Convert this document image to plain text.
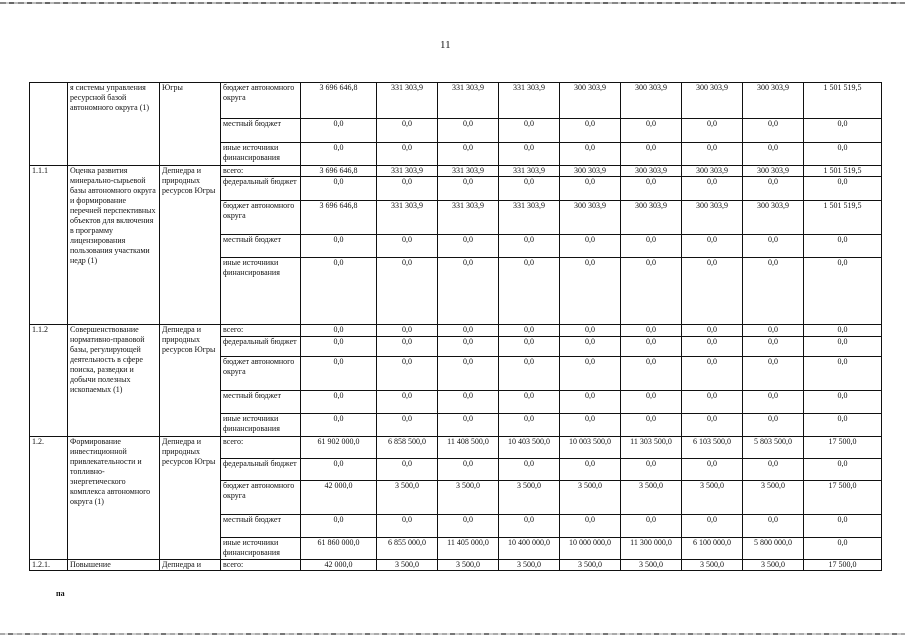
11
	я системы управления ресурсной базой автономного округа (1)	Югры	бюджет автономного округа	3 696 646,8	331 303,9	331 303,9	331 303,9	300 303,9	300 303,9	300 303,9	300 303,9	1 501 519,5
			местный бюджет	0,0	0,0	0,0	0,0	0,0	0,0	0,0	0,0	0,0
			иные источники финансирования	0,0	0,0	0,0	0,0	0,0	0,0	0,0	0,0	0,0
1.1.1	Оценка развития минерально-сырьевой базы автономного округа и формирование перечней перспективных объектов для включения в программу лицензирования пользования участками недр (1)	Депнедра и природных ресурсов Югры	всего:	3 696 646,8	331 303,9	331 303,9	331 303,9	300 303,9	300 303,9	300 303,9	300 303,9	1 501 519,5
			федеральный бюджет	0,0	0,0	0,0	0,0	0,0	0,0	0,0	0,0	0,0
			бюджет автономного округа	3 696 646,8	331 303,9	331 303,9	331 303,9	300 303,9	300 303,9	300 303,9	300 303,9	1 501 519,5
			местный бюджет	0,0	0,0	0,0	0,0	0,0	0,0	0,0	0,0	0,0
			иные источники финансирования	0,0	0,0	0,0	0,0	0,0	0,0	0,0	0,0	0,0
1.1.2	Совершенствование нормативно-правовой базы, регулирующей деятельность в сфере поиска, разведки и добычи полезных ископаемых (1)	Депнедра и природных ресурсов Югры	всего:	0,0	0,0	0,0	0,0	0,0	0,0	0,0	0,0	0,0
			федеральный бюджет	0,0	0,0	0,0	0,0	0,0	0,0	0,0	0,0	0,0
			бюджет автономного округа	0,0	0,0	0,0	0,0	0,0	0,0	0,0	0,0	0,0
			местный бюджет	0,0	0,0	0,0	0,0	0,0	0,0	0,0	0,0	0,0
			иные источники финансирования	0,0	0,0	0,0	0,0	0,0	0,0	0,0	0,0	0,0
1.2.	Формирование инвестиционной привлекательности и топливно-энергетического комплекса автономного округа (1)	Депнедра и природных ресурсов Югры	всего:	61 902 000,0	6 858 500,0	11 408 500,0	10 403 500,0	10 003 500,0	11 303 500,0	6 103 500,0	5 803 500,0	17 500,0
			федеральный бюджет	0,0	0,0	0,0	0,0	0,0	0,0	0,0	0,0	0,0
			бюджет автономного округа	42 000,0	3 500,0	3 500,0	3 500,0	3 500,0	3 500,0	3 500,0	3 500,0	17 500,0
			местный бюджет	0,0	0,0	0,0	0,0	0,0	0,0	0,0	0,0	0,0
			иные источники финансирования	61 860 000,0	6 855 000,0	11 405 000,0	10 400 000,0	10 000 000,0	11 300 000,0	6 100 000,0	5 800 000,0	0,0
1.2.1.	Повышение	Депнедра и	всего:	42 000,0	3 500,0	3 500,0	3 500,0	3 500,0	3 500,0	3 500,0	3 500,0	17 500,0
па
